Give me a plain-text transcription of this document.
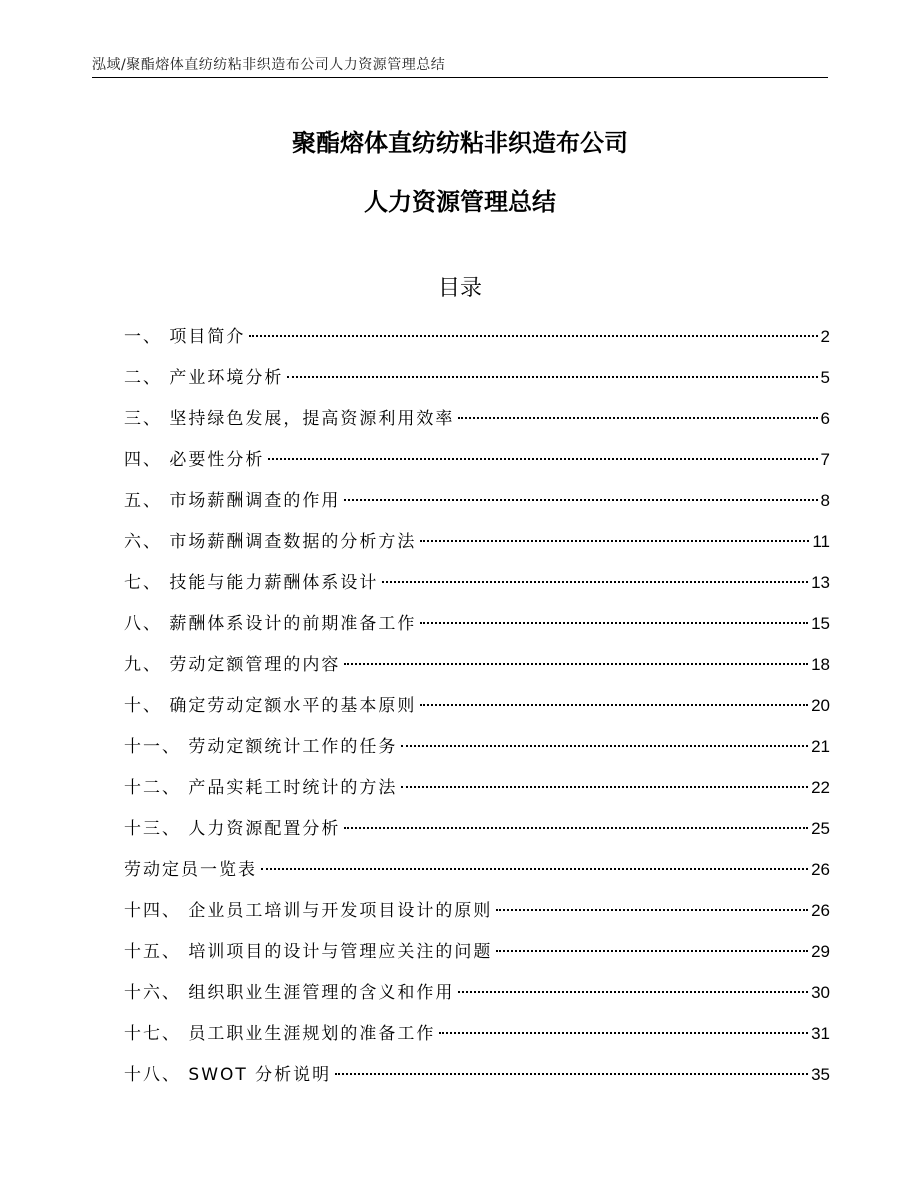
泓域/聚酯熔体直纺纺粘非织造布公司人力资源管理总结
聚酯熔体直纺纺粘非织造布公司
人力资源管理总结
目录
一、 项目简介	2
二、 产业环境分析	5
三、 坚持绿色发展，提高资源利用效率	6
四、 必要性分析	7
五、 市场薪酬调查的作用	8
六、 市场薪酬调查数据的分析方法	11
七、 技能与能力薪酬体系设计	13
八、 薪酬体系设计的前期准备工作	15
九、 劳动定额管理的内容	18
十、 确定劳动定额水平的基本原则	20
十一、 劳动定额统计工作的任务	21
十二、 产品实耗工时统计的方法	22
十三、 人力资源配置分析	25
劳动定员一览表	26
十四、 企业员工培训与开发项目设计的原则	26
十五、 培训项目的设计与管理应关注的问题	29
十六、 组织职业生涯管理的含义和作用	30
十七、 员工职业生涯规划的准备工作	31
十八、 SWOT 分析说明	35
